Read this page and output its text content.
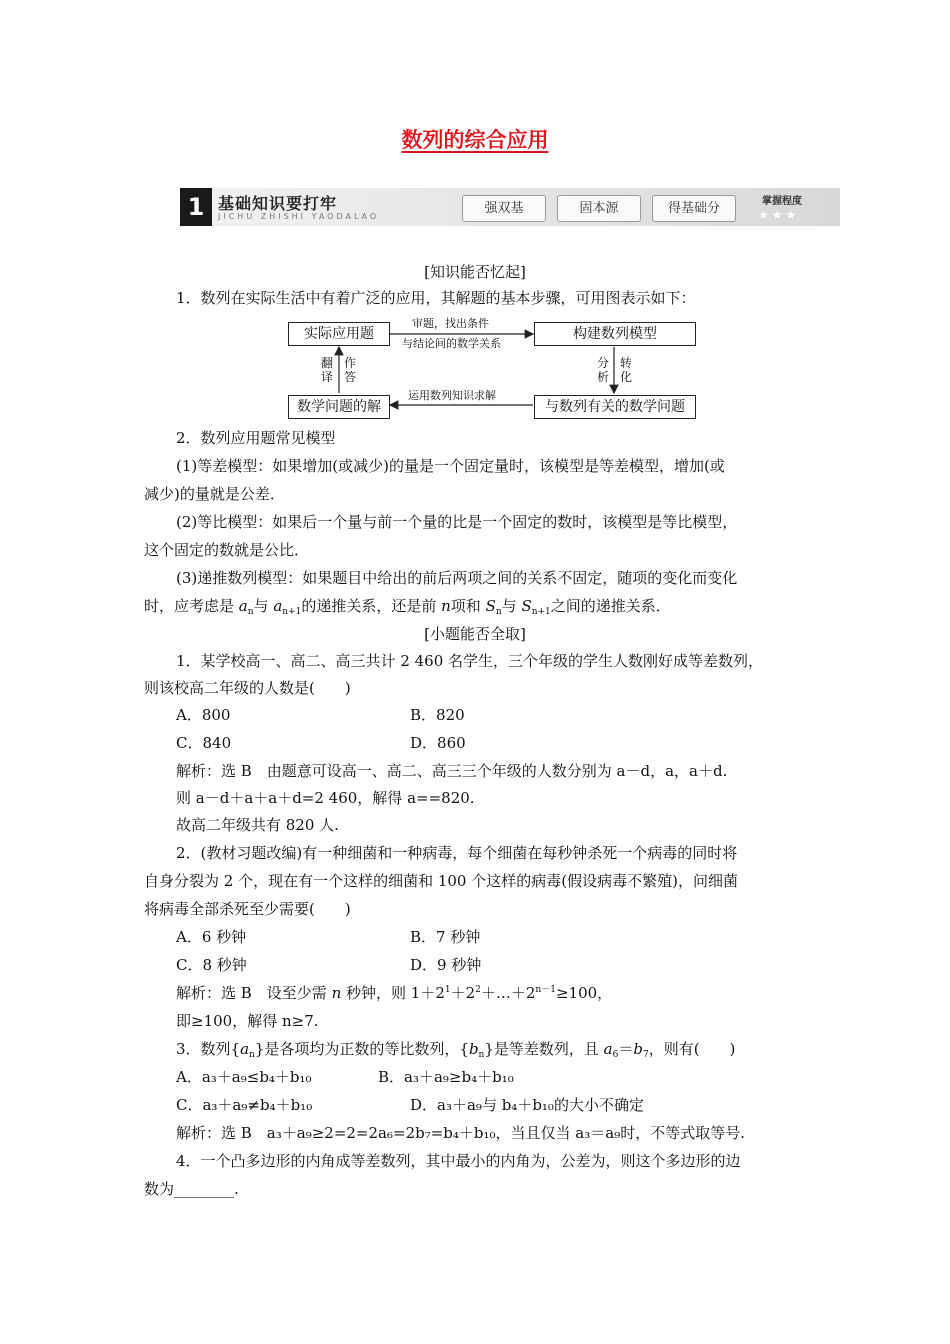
数列的综合应用
1 基础知识要打牢
JICHU ZHISHI YAODALAO
强双基	固本源	得基础分	掌握程度
★★★
[知识能否忆起]
1．数列在实际生活中有着广泛的应用，其解题的基本步骤，可用图表示如下：
实际应用题	构建数列模型
数学问题的解	与数列有关的数学问题
审题，找出条件
与结论间的数学关系
运用数列知识求解
翻译
作答
分析
转化
2．数列应用题常见模型
(1)等差模型：如果增加(或减少)的量是一个固定量时，该模型是等差模型，增加(或
减少)的量就是公差．
(2)等比模型：如果后一个量与前一个量的比是一个固定的数时，该模型是等比模型，
这个固定的数就是公比．
(3)递推数列模型：如果题目中给出的前后两项之间的关系不固定，随项的变化而变化
时，应考虑是 $a_n$与 $a_{n+1}$的递推关系，还是前 n项和 $S_n$与 $S_{n+1}$之间的递推关系．
[小题能否全取]
1．某学校高一、高二、高三共计 2 460 名学生，三个年级的学生人数刚好成等差数列，
则该校高二年级的人数是(　　)
A．800	B．820
C．840	D．860
解析：选 B　由题意可设高一、高二、高三三个年级的人数分别为 a－d，a，a＋d.
则 a－d＋a＋a＋d=2 460，解得 a==820.
故高二年级共有 820 人.
2．(教材习题改编)有一种细菌和一种病毒，每个细菌在每秒钟杀死一个病毒的同时将
自身分裂为 2 个，现在有一个这样的细菌和 100 个这样的病毒(假设病毒不繁殖)，问细菌
将病毒全部杀死至少需要(　　)
A．6 秒钟	B．7 秒钟
C．8 秒钟	D．9 秒钟
解析：选 B　设至少需 n 秒钟，则 $1+2^1+2^2+\dots+2^{n-1}\ge 100$，
即≥100，解得 n≥7.
3．数列$\{a_n\}$是各项均为正数的等比数列，$\{b_n\}$是等差数列，且 $a_6=b_7$，则有(　　)
A．a₃＋a₉≤b₄＋b₁₀	B．a₃＋a₉≥b₄＋b₁₀
C．a₃＋a₉≠b₄＋b₁₀	D．a₃＋a₉与 b₄＋b₁₀的大小不确定
解析：选 B　a₃＋a₉≥2=2=2a₆=2b₇=b₄＋b₁₀，当且仅当 a₃＝a₉时，不等式取等号.
4．一个凸多边形的内角成等差数列，其中最小的内角为，公差为，则这个多边形的边
数为________.
